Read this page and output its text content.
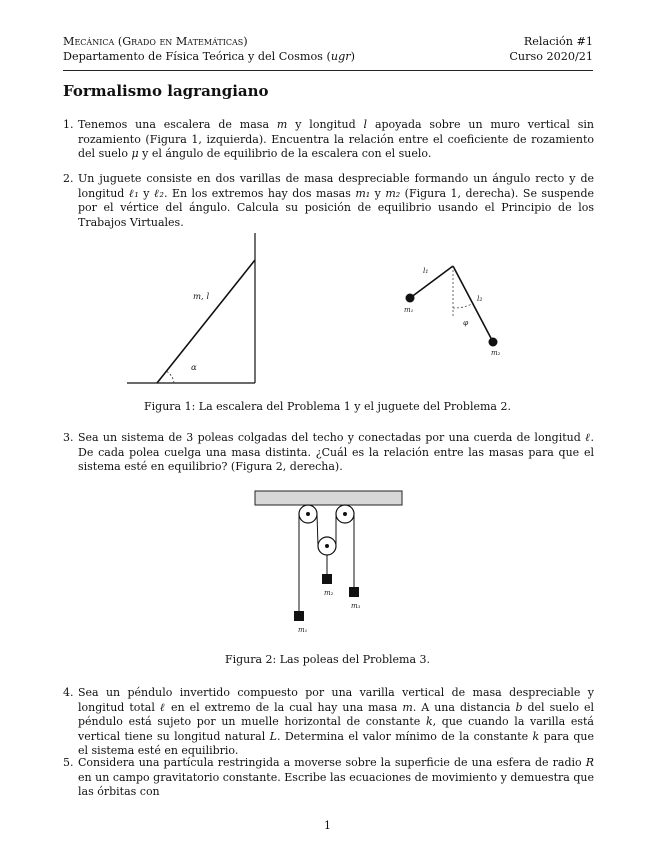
Mecánica (Grado en Matemáticas)
Departamento de Física Teórica y del Cosmos (ugr)
Relación #1
Curso 2020/21
Formalismo lagrangiano
1. Tenemos una escalera de masa m y longitud l apoyada sobre un muro vertical sin rozamiento (Figura 1, izquierda). Encuentra la relación entre el coeficiente de rozamiento del suelo μ y el ángulo de equilibrio de la escalera con el suelo.
2. Un juguete consiste en dos varillas de masa despreciable formando un ángulo recto y de longitud ℓ₁ y ℓ₂. En los extremos hay dos masas m₁ y m₂ (Figura 1, derecha). Se suspende por el vértice del ángulo. Calcula su posición de equilibrio usando el Principio de los Trabajos Virtuales.
m, l
α
l₁
l₂
φ
m₁
m₂
Figura 1: La escalera del Problema 1 y el juguete del Problema 2.
3. Sea un sistema de 3 poleas colgadas del techo y conectadas por una cuerda de longitud ℓ. De cada polea cuelga una masa distinta. ¿Cuál es la relación entre las masas para que el sistema esté en equilibrio? (Figura 2, derecha).
m₁
m₂
m₃
Figura 2: Las poleas del Problema 3.
4. Sea un péndulo invertido compuesto por una varilla vertical de masa despreciable y longitud total ℓ en el extremo de la cual hay una masa m. A una distancia b del suelo el péndulo está sujeto por un muelle horizontal de constante k, que cuando la varilla está vertical tiene su longitud natural L. Determina el valor mínimo de la constante k para que el sistema esté en equilibrio.
5. Considera una partícula restringida a moverse sobre la superficie de una esfera de radio R en un campo gravitatorio constante. Escribe las ecuaciones de movimiento y demuestra que las órbitas con
1
